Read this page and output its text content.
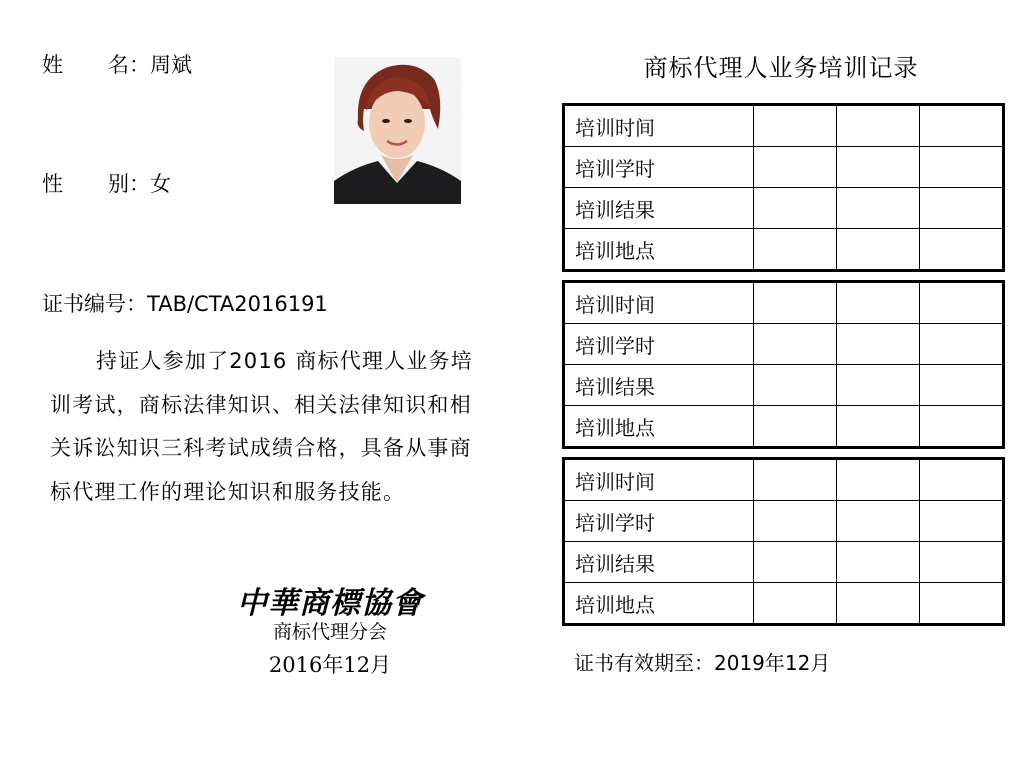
姓 名：周斌
性 别：女
证书编号：TAB/CTA2016191
持证人参加了2016 商标代理人业务培训考试，商标法律知识、相关法律知识和相关诉讼知识三科考试成绩合格，具备从事商标代理工作的理论知识和服务技能。
中華商標協會
商标代理分会
2016年12月
商标代理人业务培训记录
培训时间			
培训学时			
培训结果			
培训地点			
培训时间			
培训学时			
培训结果			
培训地点			
培训时间			
培训学时			
培训结果			
培训地点			
证书有效期至：2019年12月
